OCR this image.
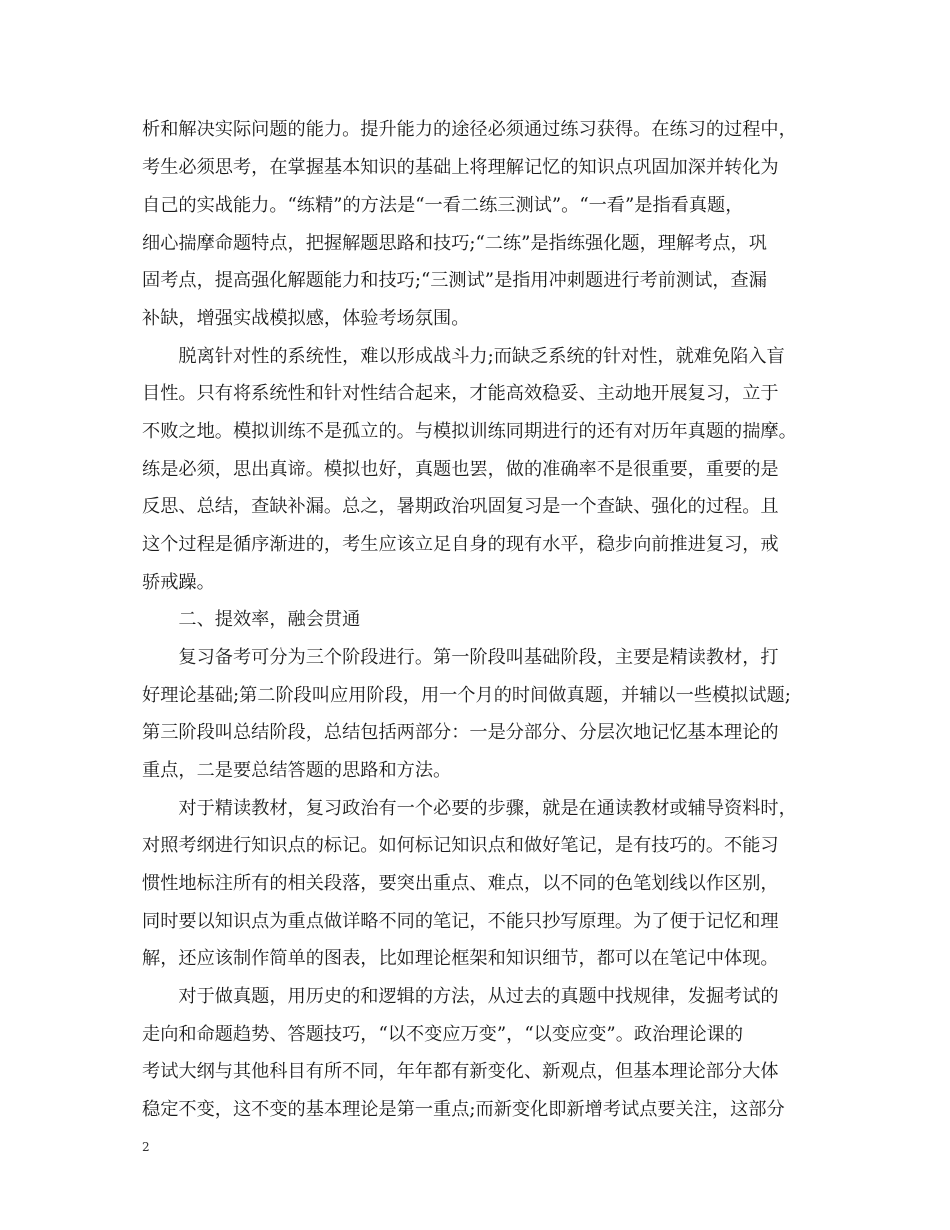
析和解决实际问题的能力。提升能力的途径必须通过练习获得。在练习的过程中，
考生必须思考，在掌握基本知识的基础上将理解记忆的知识点巩固加深并转化为
自己的实战能力。“练精”的方法是“一看二练三测试”。“一看”是指看真题，
细心揣摩命题特点，把握解题思路和技巧;“二练”是指练强化题，理解考点，巩
固考点，提高强化解题能力和技巧;“三测试”是指用冲刺题进行考前测试，查漏
补缺，增强实战模拟感，体验考场氛围。
　　脱离针对性的系统性，难以形成战斗力;而缺乏系统的针对性，就难免陷入盲
目性。只有将系统性和针对性结合起来，才能高效稳妥、主动地开展复习，立于
不败之地。模拟训练不是孤立的。与模拟训练同期进行的还有对历年真题的揣摩。
练是必须，思出真谛。模拟也好，真题也罢，做的准确率不是很重要，重要的是
反思、总结，查缺补漏。总之，暑期政治巩固复习是一个查缺、强化的过程。且
这个过程是循序渐进的，考生应该立足自身的现有水平，稳步向前推进复习，戒
骄戒躁。
　　二、提效率，融会贯通
　　复习备考可分为三个阶段进行。第一阶段叫基础阶段，主要是精读教材，打
好理论基础;第二阶段叫应用阶段，用一个月的时间做真题，并辅以一些模拟试题;
第三阶段叫总结阶段，总结包括两部分：一是分部分、分层次地记忆基本理论的
重点，二是要总结答题的思路和方法。
　　对于精读教材，复习政治有一个必要的步骤，就是在通读教材或辅导资料时，
对照考纲进行知识点的标记。如何标记知识点和做好笔记，是有技巧的。不能习
惯性地标注所有的相关段落，要突出重点、难点，以不同的色笔划线以作区别，
同时要以知识点为重点做详略不同的笔记，不能只抄写原理。为了便于记忆和理
解，还应该制作简单的图表，比如理论框架和知识细节，都可以在笔记中体现。
　　对于做真题，用历史的和逻辑的方法，从过去的真题中找规律，发掘考试的
走向和命题趋势、答题技巧，“以不变应万变”，“以变应变”。政治理论课的
考试大纲与其他科目有所不同，年年都有新变化、新观点，但基本理论部分大体
稳定不变，这不变的基本理论是第一重点;而新变化即新增考试点要关注，这部分
2
